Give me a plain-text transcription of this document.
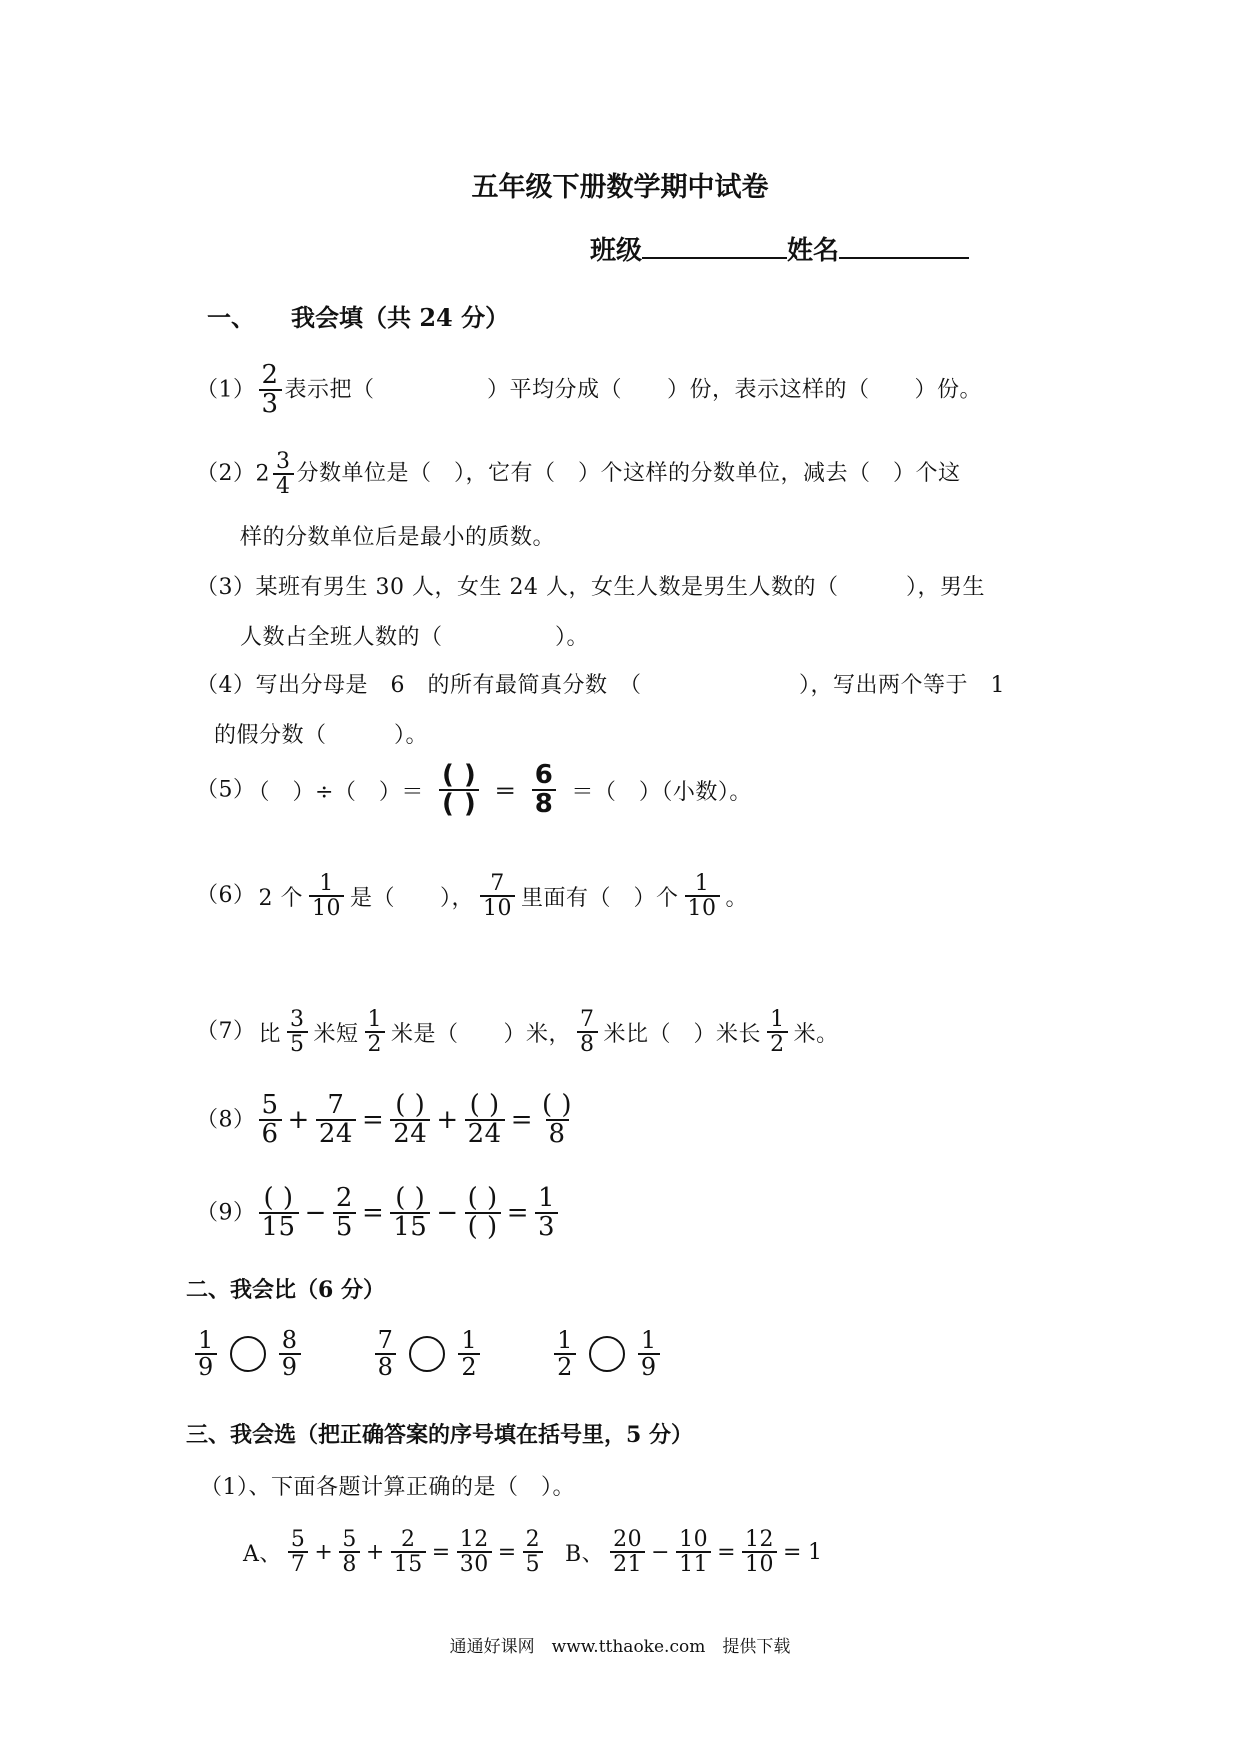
五年级下册数学期中试卷
班级	姓名
一、 我会填（共 24 分）
$(1) \frac{2}{3}$ 表示把（　　　　　）平均分成（　　）份，表示这样的（　　）份。
$(2)2 \frac{3}{4}$ 分数单位是（　），它有（　）个这样的分数单位，减去（　）个这
样的分数单位后是最小的质数。
（3）某班有男生 30 人，女生 24 人，女生人数是男生人数的（　　　），男生
人数占全班人数的（　　　　　）。
（4）写出分母是　6　的所有最简真分数　（　　　　　　　），写出两个等于　1
的假分数（　　　）。
（5） （　）÷（　）＝ $\frac{( )}{( )} = \frac{6}{8}$ ＝（　）（小数）。
（6） 2 个 $\frac{1}{10}$ 是（　　）， $\frac{7}{10}$ 里面有（　）个 $\frac{1}{10}$ 。
（7） 比 $\frac{3}{5}$ 米短 $\frac{1}{2}$ 米是（　　）米， $\frac{7}{8}$ 米比（　）米长 $\frac{1}{2}$ 米。
$(8) \frac{5}{6} + \frac{7}{24} = \frac{( )}{24} + \frac{( )}{24} = \frac{( )}{8}$
$(9) \frac{( )}{15} - \frac{2}{5} = \frac{( )}{15} - \frac{( )}{( )} = \frac{1}{3}$
二、我会比（6 分）
$\frac{1}{9}$	$\frac{8}{9}$	$\frac{7}{8}$	$\frac{1}{2}$	$\frac{1}{2}$	$\frac{1}{9}$
三、我会选（把正确答案的序号填在括号里，5 分）
（1）、下面各题计算正确的是（　）。
A、 $\frac{5}{7} + \frac{5}{8} + \frac{2}{15} = \frac{12}{30} = \frac{2}{5}$ B、 $\frac{20}{21} - \frac{10}{11} = \frac{12}{10} = 1$
通通好课网　www.tthaoke.com　提供下载
